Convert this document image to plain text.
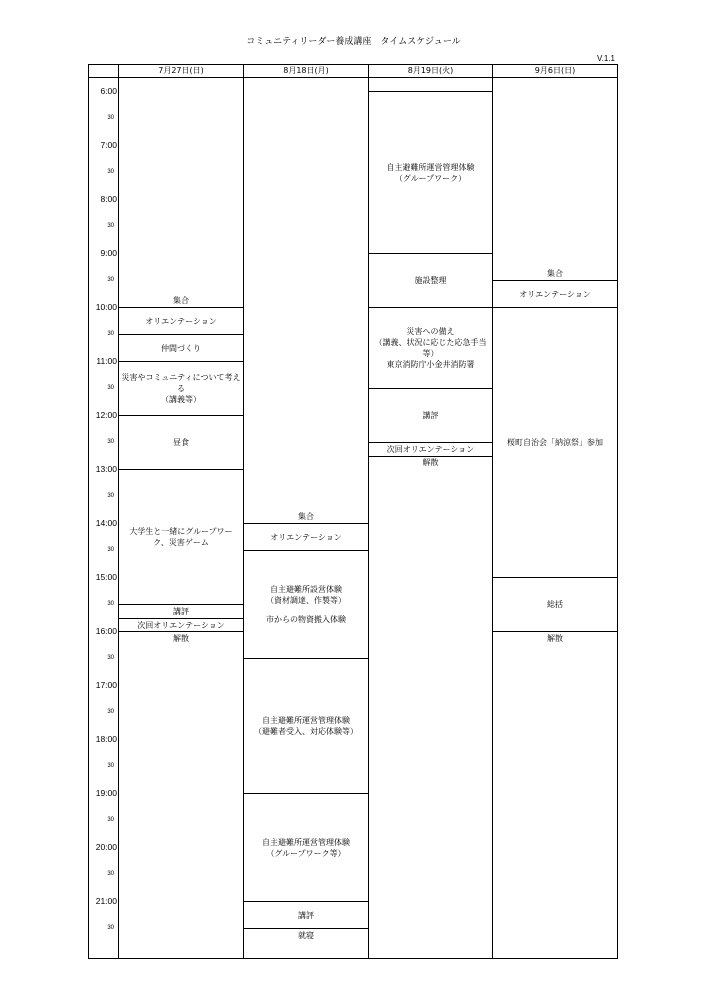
コミュニティリーダー養成講座　タイムスケジュール
V.1.1
6:00
30
7:00
30
8:00
30
9:00
30
10:00
30
11:00
30
12:00
30
13:00
30
14:00
30
15:00
30
16:00
30
17:00
30
18:00
30
19:00
30
20:00
30
21:00
30
7月27日(日)
集合
オリエンテーション
仲間づくり
災害やコミュニティについて考え
る
（講義等）
昼食
大学生と一緒にグループワー
ク、災害ゲーム
講評
次回オリエンテーション
解散
8月18日(月)
集合
オリエンテーション
自主避難所設営体験
（資材調達、作製等）
市からの物資搬入体験
自主避難所運営管理体験
（避難者受入、対応体験等）
自主避難所運営管理体験
（グループワーク等）
講評
就寝
8月19日(火)
自主避難所運営管理体験
（グループワーク）
施設整理
災害への備え
（講義、状況に応じた応急手当
等）
東京消防庁小金井消防署
講評
次回オリエンテーション
解散
9月6日(日)
集合
オリエンテーション
桜町自治会「納涼祭」参加
総括
解散
